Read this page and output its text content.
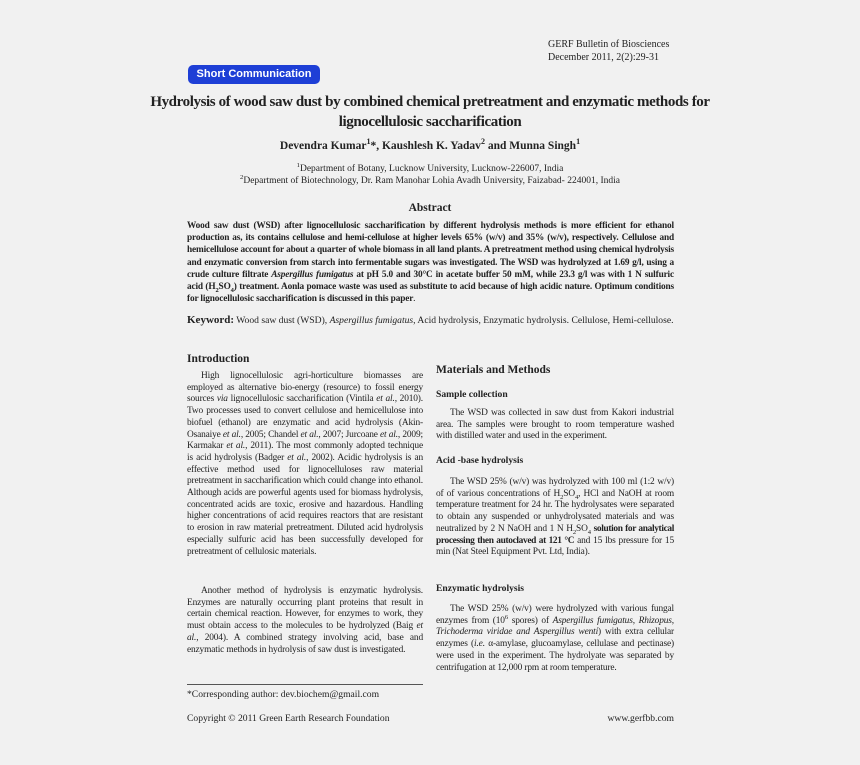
GERF Bulletin of Biosciences
December 2011, 2(2):29-31
Short Communication
Hydrolysis of wood saw dust by combined chemical pretreatment and enzymatic methods for lignocellulosic saccharification
Devendra Kumar$^1$*, Kaushlesh K. Yadav$^2$ and Munna Singh$^1$
$^1$Department of Botany, Lucknow University, Lucknow-226007, India
$^2$Department of Biotechnology, Dr. Ram Manohar Lohia Avadh University, Faizabad- 224001, India
Abstract
Wood saw dust (WSD) after lignocellulosic saccharification by different hydrolysis methods is more efficient for ethanol production as, its contains cellulose and hemi-cellulose at higher levels 65% (w/v) and 35% (w/v), respectively. Cellulose and hemicellulose account for about a quarter of whole biomass in all land plants. A pretreatment method using chemical hydrolysis and enzymatic conversion from starch into fermentable sugars was investigated. The WSD was hydrolyzed at 1.69 g/l, using a crude culture filtrate Aspergillus fumigatus at pH 5.0 and 30°C in acetate buffer 50 mM, while 23.3 g/l was with 1 N sulfuric acid $(H_2SO_4)$ treatment. Aonla pomace waste was used as substitute to acid because of high acidic nature. Optimum conditions for lignocellulosic saccharification is discussed in this paper.
Keyword: Wood saw dust (WSD), Aspergillus fumigatus, Acid hydrolysis, Enzymatic hydrolysis. Cellulose, Hemi-cellulose.
Introduction

High lignocellulosic agri-horticulture biomasses are employed as alternative bio-energy (resource) to fossil energy sources via lignocellulosic saccharification (Vintila et al., 2010). Two processes used to convert cellulose and hemicellulose into biofuel (ethanol) are enzymatic and acid hydrolysis (Akin-Osanaiye et al., 2005; Chandel et al., 2007; Jurcoane et al., 2009; Karmakar et al., 2011). The most commonly adopted technique is acid hydrolysis (Badger et al., 2002). Acidic hydrolysis is an effective method used for lignocelluloses raw material pretreatment in saccharification which could change into ethanol. Although acids are powerful agents used for biomass hydrolysis, concentrated acids are toxic, erosive and hazardous. Handling higher concentrations of acid requires reactors that are resistant to erosion in raw material pretreatment. Diluted acid hydrolysis especially sulfuric acid has been successfully developed for pretreatment of cellulosic materials.

Another method of hydrolysis is enzymatic hydrolysis. Enzymes are naturally occurring plant proteins that result in certain chemical reaction. However, for enzymes to work, they must obtain access to the molecules to be hydrolyzed (Baig et al., 2004). A combined strategy involving acid, base and enzymatic methods in hydrolysis of saw dust is investigated.

*Corresponding author: dev.biochem@gmail.com
Materials and Methods
Sample collection

The WSD was collected in saw dust from Kakori industrial area. The samples were brought to room temperature washed with distilled water and used in the experiment.

Acid -base hydrolysis

The WSD 25% (w/v) was hydrolyzed with 100 ml (1:2 w/v) of of various concentrations of $H_2SO_4$, HCl and NaOH at room temperature treatment for 24 hr. The hydrolysates were separated to obtain any suspended or unhydrolysated materials and was neutralized by 2 N NaOH and 1 N $H_2SO_4$ solution for analytical processing then autoclaved at 121 °C and 15 lbs pressure for 15 min (Nat Steel Equipment Pvt. Ltd, India).

Enzymatic hydrolysis

The WSD 25% (w/v) were hydrolyzed with various fungal enzymes from ($10^6$ spores) of Aspergillus fumigatus, Rhizopus, Trichoderma viridae and Aspergillus wenti) with extra cellular enzymes (i.e. α-amylase, glucoamylase, cellulase and pectinase) were used in the experiment. The hydrolyate was separated by centrifugation at 12,000 rpm at room temperature.

Copyright © 2011 Green Earth Research Foundation	www.gerfbb.com
